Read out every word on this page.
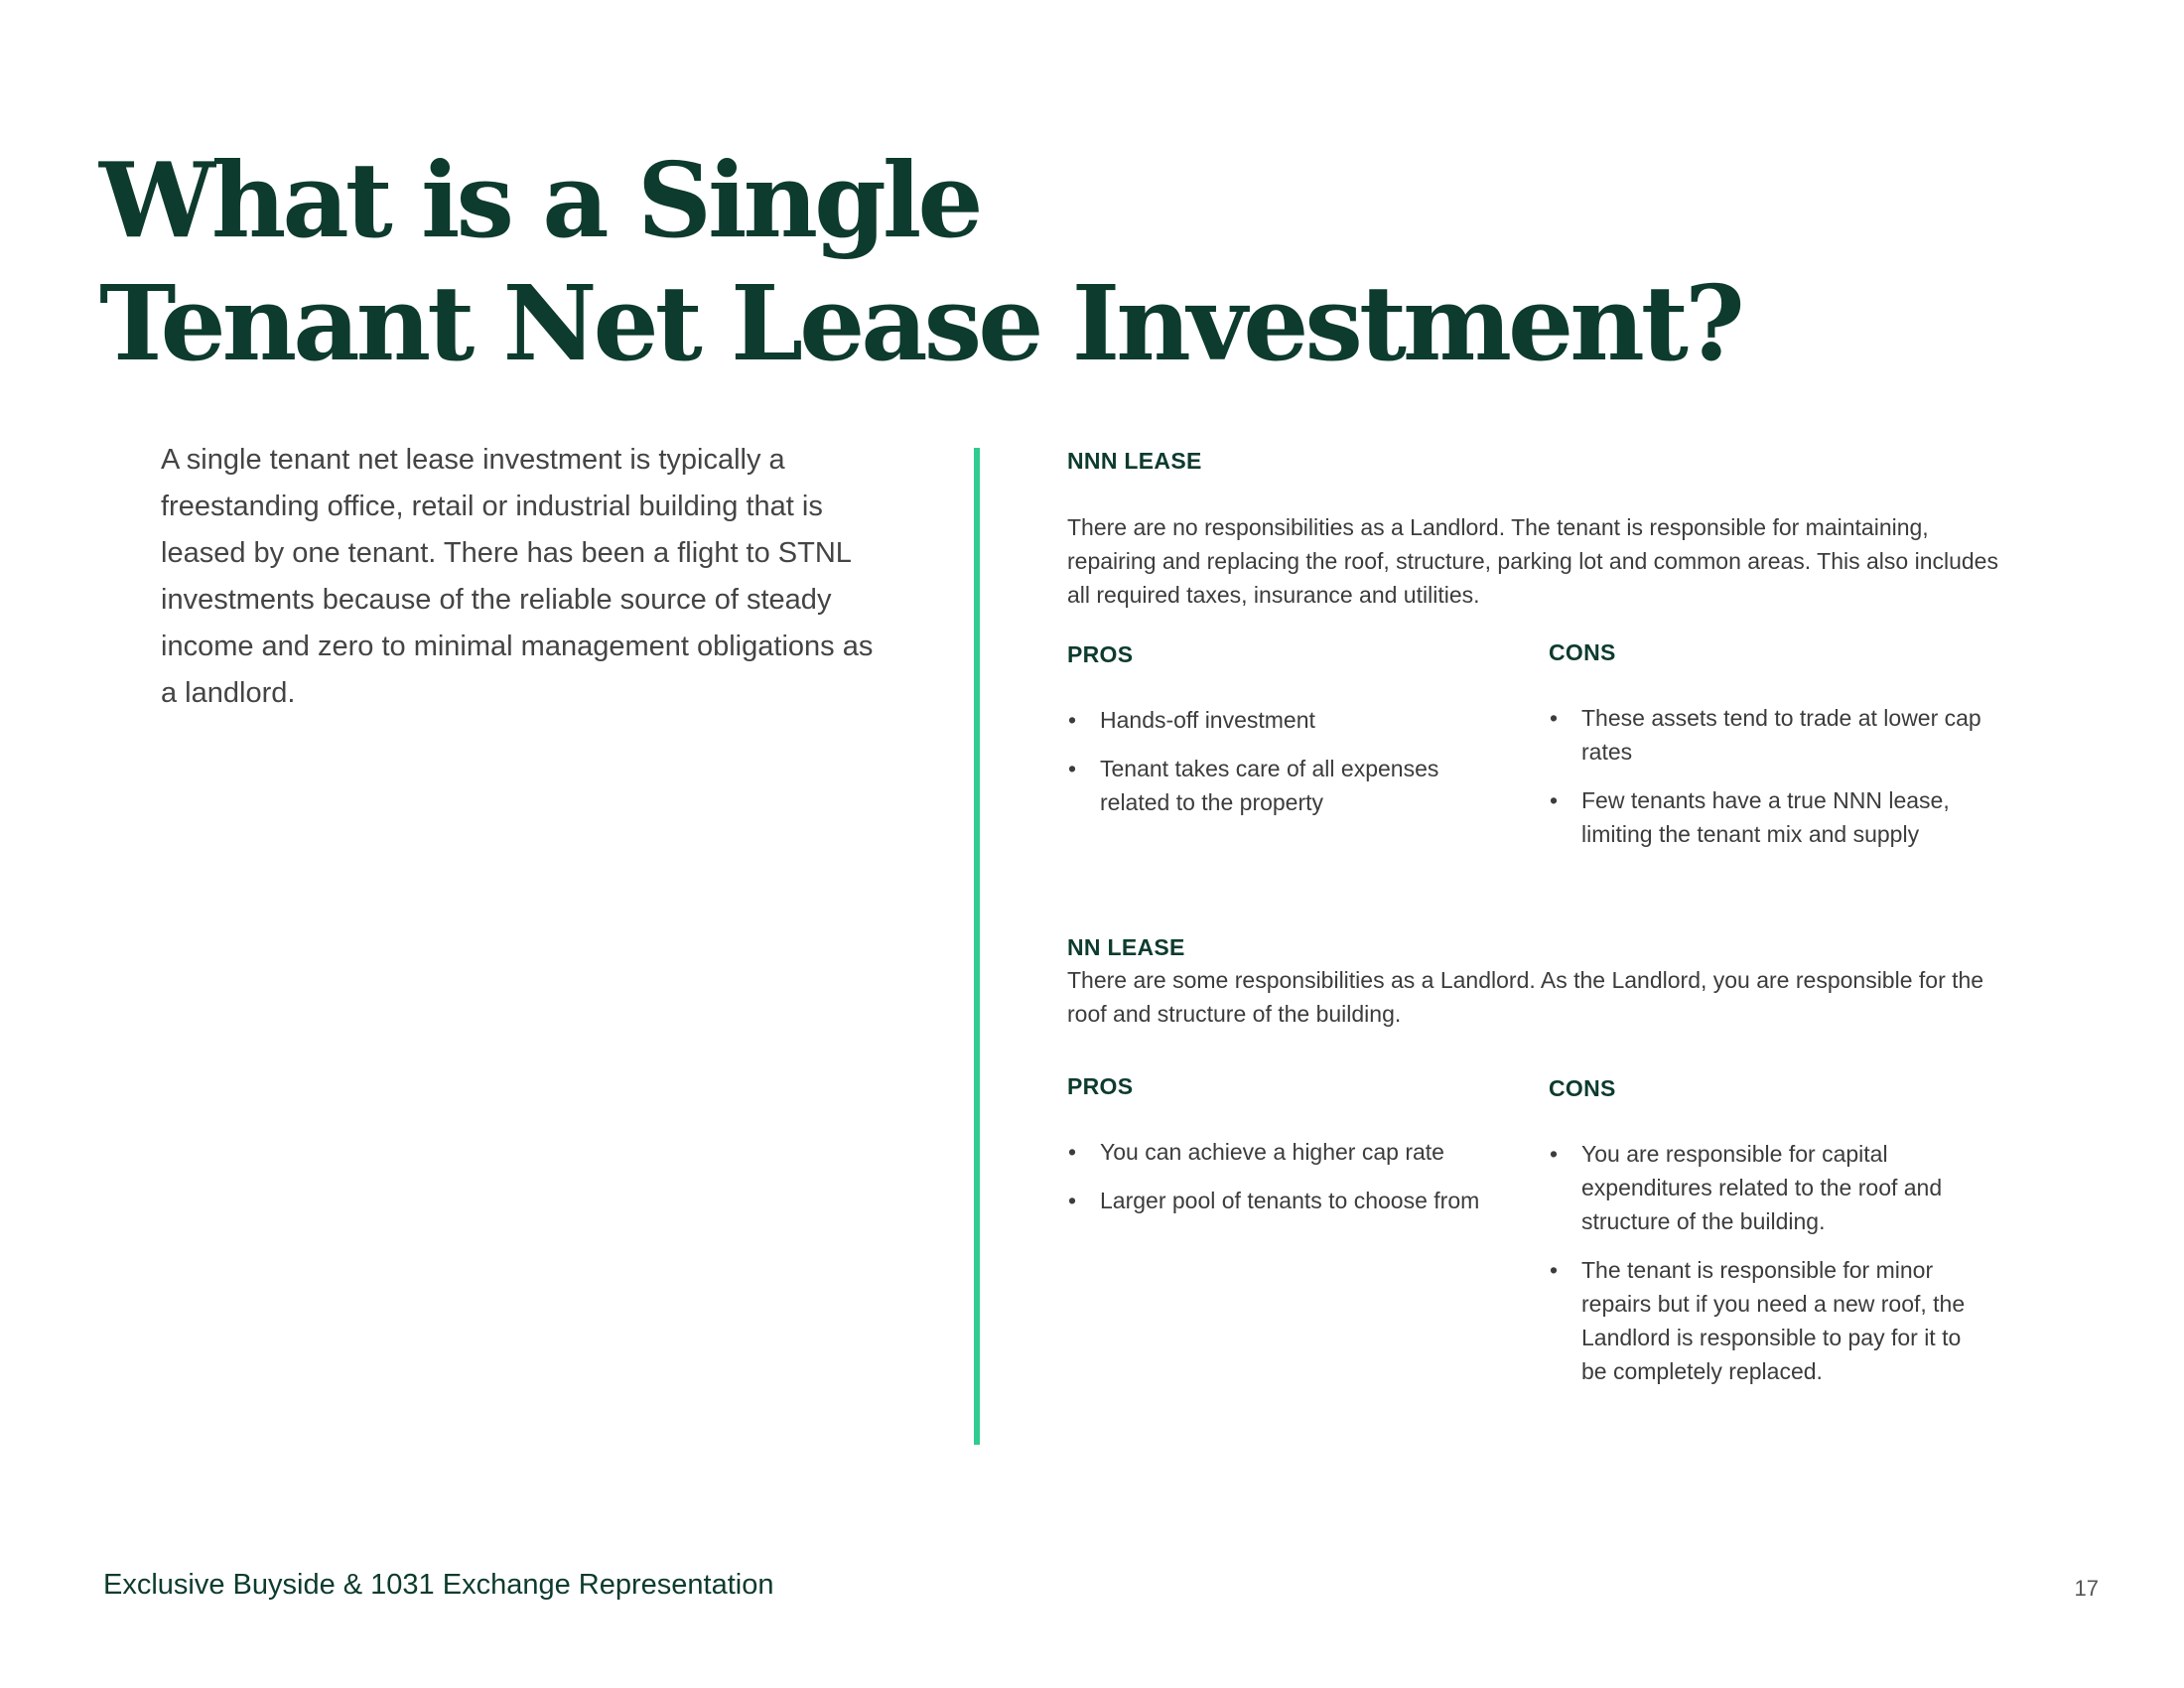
What is a Single
Tenant Net Lease Investment?

A single tenant net lease investment is typically a freestanding office, retail or industrial building that is leased by one tenant. There has been a flight to STNL investments because of the reliable source of steady income and zero to minimal management obligations as a landlord.

NNN LEASE

There are no responsibilities as a Landlord. The tenant is responsible for maintaining, repairing and replacing the roof, structure, parking lot and common areas. This also includes all required taxes, insurance and utilities.

PROS
• Hands-off investment
• Tenant takes care of all expenses related to the property
CONS
• These assets tend to trade at lower cap rates
• Few tenants have a true NNN lease, limiting the tenant mix and supply
NN LEASE

There are some responsibilities as a Landlord. As the Landlord, you are responsible for the roof and structure of the building.

PROS
• You can achieve a higher cap rate
• Larger pool of tenants to choose from
CONS
• You are responsible for capital expenditures related to the roof and structure of the building.
• The tenant is responsible for minor repairs but if you need a new roof, the Landlord is responsible to pay for it to be completely replaced.
Exclusive Buyside & 1031 Exchange Representation	17
